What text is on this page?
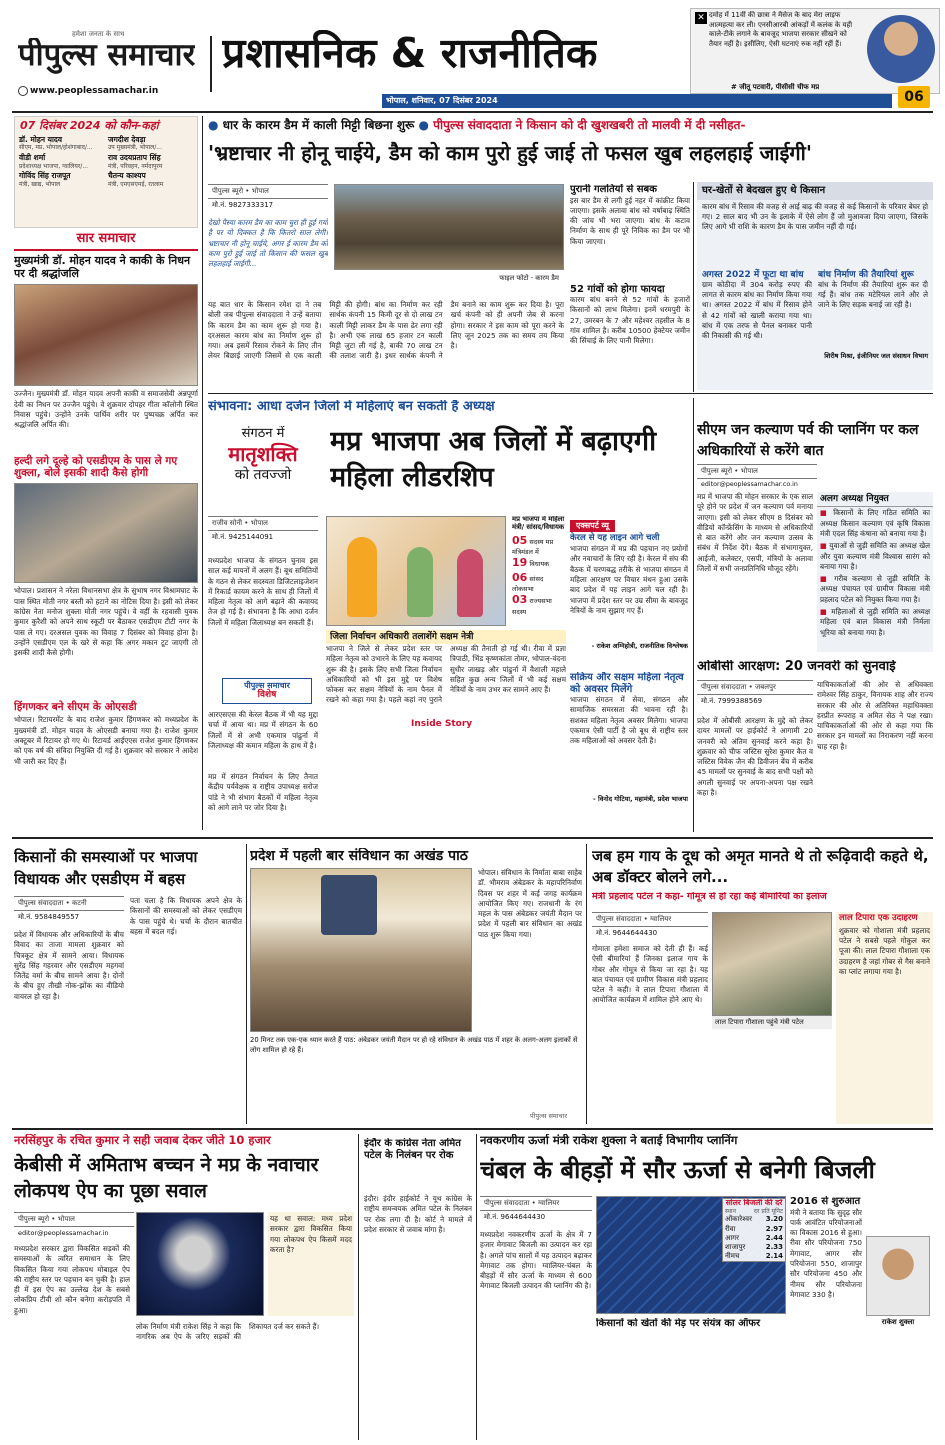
हमेशा जनता के साथ
पीपुल्स समाचार
www.peoplessamachar.in
प्रशासनिक & राजनीतिक
भोपाल, शनिवार, 07 दिसंबर 2024
✕ दमोह में 11वीं की छात्रा ने मैसेज के बाद मेरा लाइफ आत्महत्या कर ली। एनसीआरबी आंकड़ों में कलंक के यही काले-टीके लगाने के बावजूद भाजपा सरकार सीखने को तैयार नहीं है। इसीलिए, ऐसी घटनाएं रुक नहीं रहीं हैं।
# जीतू पटवारी, पीसीसी चीफ मप्र
06
07 दिसंबर 2024 को कौन-कहां
डॉ. मोहन यादव
सीएम, मप्र, भोपाल/होशंगाबाद/...
जगदीश देवड़ा
उप मुख्यमंत्री, भोपाल/...
वीडी शर्मा
प्रदेशाध्यक्ष भाजपा, ग्वालियर/...
राव उदयप्रताप सिंह
मंत्री, परिवहन, नर्मदापुरम
गोविंद सिंह राजपूत
मंत्री, खाद्य, भोपाल
चैतन्य काश्यप
मंत्री, एमएसएमई, रतलाम
सार समाचार
मुख्यमंत्री डॉ. मोहन यादव ने काकी के निधन पर दी श्रद्धांजलि
उज्जैन। मुख्यमंत्री डॉ. मोहन यादव अपनी काकी व समाजसेवी अन्नपूर्णा देवी का निधन पर उज्जैन पहुंचे। वे शुक्रवार दोपहर गीता कॉलोनी स्थित निवास पहुंचे। उन्होंने उनके पार्थिव शरीर पर पुष्पचक्र अर्पित कर श्रद्धांजलि अर्पित की।
हल्दी लगे दूल्हे को एसडीएम के पास ले गए शुक्ला, बोले इसकी शादी कैसे होगी
भोपाल। प्रशासन ने नरेला विधानसभा क्षेत्र के सुभाष नगर विश्रामघाट के पास स्थित मोती नगर बस्ती को हटाने का नोटिस दिया है। इसी को लेकर कांग्रेस नेता मनोज शुक्ला मोती नगर पहुंचे। वे वहीं के रहवासी युवक कुमार कुरैशी को अपने साथ स्कूटी पर बैठाकर एसडीएम टीटी नगर के पास ले गए। दरअसल युवक का विवाह 7 दिसंबर को विवाह होना है। उन्होंने एसडीएम एल के खरे से कहा कि अगर मकान टूट जाएगी तो इसकी शादी कैसे होगी।
हिंगणकर बने सीएम के ओएसडी
भोपाल। रिटायरमेंट के बाद राजेश कुमार हिंगणकर को मध्यप्रदेश के मुख्यमंत्री डॉ. मोहन यादव के ओएसडी बनाया गया है। राजेश कुमार अक्टूबर में रिटायर हो गए थे। रिटायर्ड आईएएस राजेश कुमार हिंगणकर को एक वर्ष की संविदा नियुक्ति दी गई है। शुक्रवार को सरकार ने आदेश भी जारी कर दिए हैं।
● धार के कारम डैम में काली मिट्टी बिछना शुरू ● पीपुल्स संवाददाता ने किसान को दी खुशखबरी तो मालवी में दी नसीहत-
'भ्रष्टाचार नी होनू चाईये, डैम को काम पुरो हुई जाई तो फसल खुब लहलहाई जाईगी'
पीपुल्स ब्यूरो • भोपाल
मो.नं. 9827333317
देखो पैस्या कारम डैम का काम चुरा ही हुई गयो है पर यो दिक्कत है कि कितरो साल लेगी। भ्रष्टाचार नी होनू चाईये, अगर ई कारम डैम को काम पुरो हुई जाई तो किसान की फसल खुब लहलहाई जाईगी...
फाइल फोटो - कारम डैम
यह बात धार के किसान रमेश दा ने तब बोली जब पीपुल्स संवाददाता ने उन्हें बताया कि कारम डैम का काम शुरू हो गया है। दरअसल कारम बांध का निर्माण शुरू हो गया। अब इसमें रिसाव रोकने के लिए तीन लेयर बिछाई जाएगी जिसमें से एक काली मिट्टी की होगी। बांध का निर्माण कर रही सार्थक कंपनी 15 किमी दूर से दो लाख टन काली मिट्टी लाकर डैम के पास ढेर लगा रही है। अभी एक लाख 65 हजार टन काली मिट्टी जुटा ली गई है, बाकी 70 लाख टन की तलाश जारी है। इधर सार्थक कंपनी ने डैम बनाने का काम शुरू कर दिया है। पूरा खर्च कंपनी को ही अपनी जेब से करना होगा। सरकार ने इस काम को पूरा करने के लिए जून 2025 तक का समय तय किया है।
पुरानी गलतियों से सबक
इस बार डैम से लगी हुई नहर में कांक्रीट किया जाएगा। इसके अलावा बांध को वर्षाबाढ़ स्थिति की जांच भी भरा जाएगा। बांध के कटाव निर्माण के साथ ही पूरे निविक का डैम पर भी किया जाएगा।
52 गांवों को होगा फायदा
कारम बांध बनने से 52 गांवों के हजारों किसानों को लाभ मिलेगा। इनमें धरमपुरी के 27, उमरबन के 7 और महेश्वर तहसील के 8 गांव शामिल है। करीब 10500 हेक्टेयर जमीन की सिंचाई के लिए पानी मिलेगा।
घर-खेतों से बेदखल हुए थे किसान
कारम बांध में रिसाव की वजह से आई बाढ़ की वजह से कई किसानों के परिवार बेघर हो गए। 2 साल बाद भी उन के इलाके में ऐसे लोग हैं जो मुआवजा दिया जाएगा, जिसके लिए आगे भी राशि के कारण डैम के पास जमीन नहीं दी गई।
अगस्त 2022 में फूटा था बांध
ग्राम कोठीदा में 304 करोड़ रुपए की लागत से कारम बांध का निर्माण किया गया था। अगस्त 2022 में बांध में रिसाव होने से 42 गांवों को खाली कराया गया था। बांध में एक तरफ से पैनल बनाकर पानी की निकासी की गई थी।
बांध निर्माण की तैयारियां शुरू
बांध के निर्माण की तैयारियां शुरू कर दी गई हैं। बांध तक मटेरियल लाने और ले जाने के लिए सड़क बनाई जा रही है।
शिरीष मिश्रा, इंजीनियर जल संसाधन विभाग
संभावना: आधा दर्जन जिलों में महिलाएं बन सकती हैं अध्यक्ष
संगठन में
मातृशक्ति
को तवज्जो
मप्र भाजपा अब जिलों में बढ़ाएगी महिला लीडरशिप
राजीव सोनी • भोपाल
मो.नं. 9425144091
मध्यप्रदेश भाजपा के संगठन चुनाव इस साल कई मायनों में अलग हैं। बूथ समितियों के गठन से लेकर सदस्यता डिजिटलाइजेशन में रिकार्ड कायम करने के साथ ही जिलों में महिला नेतृत्व को आगे बढ़ाने की कवायद तेज हो गई है। संभावना है कि आधा दर्जन जिलों में महिला जिलाध्यक्ष बन सकती हैं।
पीपुल्स समाचार
विशेष
आरएसएस की केरल बैठक में भी यह मुद्दा चर्चा में आया था। मप्र में संगठन के 60 जिलों में से अभी एकमात्र पांढुर्ना में जिलाध्यक्ष की कमान महिला के हाथ में है।
मप्र में संगठन निर्वाचन के लिए तैनात केंद्रीय पर्यवेक्षक व राष्ट्रीय उपाध्यक्ष सरोज पांडे ने भी संभाग बैठकों में महिला नेतृत्व को आगे लाने पर जोर दिया है।
जिला निर्वाचन अधिकारी तलाशेंगे सक्षम नेत्री
भाजपा ने जिले से लेकर प्रदेश स्तर पर महिला नेतृत्व को उभारने के लिए यह कवायद शुरू की है। इसके लिए सभी जिला निर्वाचन अधिकारियों को भी इस मुद्दे पर विशेष फोकस कर सक्षम नेत्रियों के नाम पैनल में रखने को कहा गया है। पहले कहां नए पुराने अध्यक्ष की तैनाती हो गई थी। रीवा में प्रज्ञा त्रिपाठी, भिंड कृष्णकांता तोमर, भोपाल-वंदना सुधीर जाखड़ और पांढुर्ना में वैशाली महाले सहित कुछ अन्य जिलों में भी कई सक्षम नेत्रियों के नाम उभर कर सामने आए हैं।
Inside Story
मप्र भाजपा में महिला मंत्री/ सांसद/विधायक
05 सदस्य मप्र मंत्रिमंडल में
19 विधायक
06 सांसद लोकसभा
03 राज्यसभा सदस्य
एक्सपर्ट व्यू
केरल से यह लाइन आगे चली
भाजपा संगठन में मप्र की पहचान नए प्रयोगों और नवाचारों के लिए रही है। केरल में संघ की बैठक में चरणबद्ध तरीके से भाजपा संगठन में महिला आरक्षण पर विचार मंथन हुआ उसके बाद प्रदेश में यह लाइन आगे चल रही है। भाजपा में प्रदेश स्तर पर उम्र सीमा के बावजूद नेत्रियों के नाम सुझाए गए हैं।
- राकेश अग्निहोत्री, राजनीतिक विश्लेषक
सक्रिय और सक्षम महिला नेतृत्व को अवसर मिलेंगे
भाजपा संगठन में सेवा, संगठन और सामाजिक समरसता की भावना रही है। सशक्त महिला नेतृत्व अवसर मिलेगा। भाजपा एकमात्र ऐसी पार्टी है जो बूथ से राष्ट्रीय स्तर तक महिलाओं को अवसर देती है।
- विनोद गोटिया, महामंत्री, प्रदेश भाजपा
सीएम जन कल्याण पर्व की प्लानिंग पर कल अधिकारियों से करेंगे बात
पीपुल्स ब्यूरो • भोपाल
editor@peoplessamachar.co.in
मप्र में भाजपा की मोहन सरकार के एक साल पूरे होने पर प्रदेश में जन कल्याण पर्व मनाया जाएगा। इसी को लेकर सीएम 8 दिसंबर को वीडियो कॉन्फ्रेंसिंग के माध्यम से अधिकारियों से बात करेंगे और जन कल्याण उत्सव के संबंध में निर्देश देंगे। बैठक में संभागायुक्त, आईजी, कलेक्टर, एसपी, मंत्रियों के अलावा जिलों में सभी जनप्रतिनिधि मौजूद रहेंगे।
अलग अध्यक्ष नियुक्त
■ किसानों के लिए गठित समिति का अध्यक्ष किसान कल्याण एवं कृषि विकास मंत्री एदल सिंह कंषाना को बनाया गया है।
■ युवाओं से जुड़ी समिति का अध्यक्ष खेल और युवा कल्याण मंत्री विश्वास सारंग को बनाया गया है।
■ गरीब कल्याण से जुड़ी समिति के अध्यक्ष पंचायत एवं ग्रामीण विकास मंत्री प्रहलाद पटेल को नियुक्त किया गया है।
■ महिलाओं से जुड़ी समिति का अध्यक्ष महिला एवं बाल विकास मंत्री निर्मला भूरिया को बनाया गया है।
ओबीसी आरक्षण: 20 जनवरी को सुनवाई
पीपुल्स संवाददाता • जबलपुर
मो.नं. 7999388569
प्रदेश में ओबीसी आरक्षण के मुद्दे को लेकर दायर मामलों पर हाईकोर्ट ने आगामी 20 जनवरी को अंतिम सुनवाई करने कहा है। शुक्रवार को चीफ जस्टिस सुरेश कुमार कैत व जस्टिस विवेक जैन की डिवीजन बेंच में करीब 45 मामलों पर सुनवाई के बाद सभी पक्षों को अगली सुनवाई पर अपना-अपना पक्ष रखने कहा है।
याचिकाकर्ताओं की ओर से अधिवक्ता रामेश्वर सिंह ठाकुर, विनायक शाह और राज्य सरकार की ओर से अतिरिक्त महाधिवक्ता हरप्रीत रूपराह व अमित सेठ ने पक्ष रखा। याचिकाकर्ताओं की ओर से कहा गया कि सरकार इन मामलों का निराकरण नहीं करना चाह रहा है।
किसानों की समस्याओं पर भाजपा विधायक और एसडीएम में बहस
पीपुल्स संवाददाता • कटनी
मो.नं. 9584849557
प्रदेश में विधायक और अधिकारियों के बीच विवाद का ताजा मामला शुक्रवार को चित्रकूट क्षेत्र में सामने आया। विधायक सुरेंद्र सिंह गहरवार और एसडीएम महगवां जितेंद्र वर्मा के बीच सामने आया है। दोनों के बीच हुए तीखी नोक-झोंक का वीडियो वायरल हो रहा है।
पता चला है कि विधायक अपने क्षेत्र के किसानों की समस्याओं को लेकर एसडीएम के पास पहुंचे थे। चर्चा के दौरान बातचीत बहस में बदल गई।
प्रदेश में पहली बार संविधान का अखंड पाठ
20 मिनट तक एक-एक ध्यान करते हैं पाठ: अंबेडकर जयंती मैदान पर हो रहे संविधान के अखंड पाठ में शहर के अलग-अलग इलाकों से लोग शामिल हो रहे हैं।
भोपाल। संविधान के निर्माता बाबा साहेब डॉ. भीमराव अंबेडकर के महापरिनिर्वाण दिवस पर शहर में कई जगह कार्यक्रम आयोजित किए गए। राजधानी के रंग महल के पास अंबेडकर जयंती मैदान पर प्रदेश में पहली बार संविधान का अखंड पाठ शुरू किया गया।
पीपुल्स समाचार
जब हम गाय के दूध को अमृत मानते थे तो रूढ़िवादी कहते थे, अब डॉक्टर बोलने लगे...
मंत्री प्रहलाद पटेल ने कहा- गोमूत्र से हो रहा कई बीमारियों का इलाज
पीपुल्स संवाददाता • ग्वालियर
मो.नं. 9644644430
गोमाता हमेशा समाज को देती ही हैं। कई ऐसी बीमारियां हैं जिनका इलाज गाय के गोबर और गोमूत्र से किया जा रहा है। यह बात पंचायत एवं ग्रामीण विकास मंत्री प्रहलाद पटेल ने कही। वे लाल टिपारा गौशाला में आयोजित कार्यक्रम में शामिल होने आए थे।
लाल टिपारा गौशाला पहुंचे मंत्री पटेल
लाल टिपारा एक उदाहरण
शुक्रवार को गोशाला मंत्री प्रहलाद पटेल ने सबसे पहले गोकुल कर पूजा की। लाल टिपारा गौशाला एक उदाहरण है जहां गोबर से गैस बनाने का प्लांट लगाया गया है।
नरसिंहपुर के रचित कुमार ने सही जवाब देकर जीते 10 हजार
केबीसी में अमिताभ बच्चन ने मप्र के नवाचार लोकपथ ऐप का पूछा सवाल
पीपुल्स ब्यूरो • भोपाल
editor@peoplessamachar.in
मध्यप्रदेश सरकार द्वारा विकसित सड़कों की समस्याओं के त्वरित समाधान के लिए विकसित किया गया लोकपथ मोबाइल ऐप की राष्ट्रीय स्तर पर पहचान बन चुकी है। हाल ही में इस ऐप का उल्लेख देश के सबसे लोकप्रिय टीवी शो कौन बनेगा करोड़पति में हुआ।
यह था सवाल: मध्य प्रदेश सरकार द्वारा विकसित किया गया लोकपथ ऐप किसमें मदद करता है?
लोक निर्माण मंत्री राकेश सिंह ने कहा कि नागरिक अब ऐप के जरिए सड़कों की शिकायत दर्ज कर सकते हैं।
इंदौर के कांग्रेस नेता अमित पटेल के निलंबन पर रोक
इंदौर। इंदौर हाईकोर्ट ने यूथ कांग्रेस के राष्ट्रीय समन्वयक अमित पटेल के निलंबन पर रोक लगा दी है। कोर्ट ने मामले में प्रदेश सरकार से जवाब मांगा है।
नवकरणीय ऊर्जा मंत्री राकेश शुक्ला ने बताई विभागीय प्लानिंग
चंबल के बीहड़ों में सौर ऊर्जा से बनेगी बिजली
पीपुल्स संवाददाता • ग्वालियर
मो.नं. 9644644430
मध्यप्रदेश नवकरणीय ऊर्जा के क्षेत्र में 7 हजार मेगावाट बिजली का उत्पादन कर रहा है। अगले पांच सालों में यह उत्पादन बढ़ाकर मेगावाट तक होगा। ग्वालियर-चंबल के बीहड़ों में सौर ऊर्जा के माध्यम से 600 मेगावाट बिजली उत्पादन की प्लानिंग की है।
सोलर बिजली की दरें
स्थान	दर प्रति यूनिट
ओंकारेश्वर 3.20
रीवा	2.97
आगर	2.44
शाजापुर	2.33
नीमच	2.14
किसानों को खेतों की मेड़ पर संयंत्र का ऑफर
2016 से शुरुआत
मंत्री ने बताया कि सुदृढ़ सौर पार्क आवंटित परियोजनाओं का विकास 2016 से हुआ। रीवा सौर परियोजना 750 मेगावाट, आगर सौर परियोजना 550, शाजापुर सौर परियोजना 450 और नीमच सौर परियोजना मेगावाट 330 है।
राकेश शुक्ला
